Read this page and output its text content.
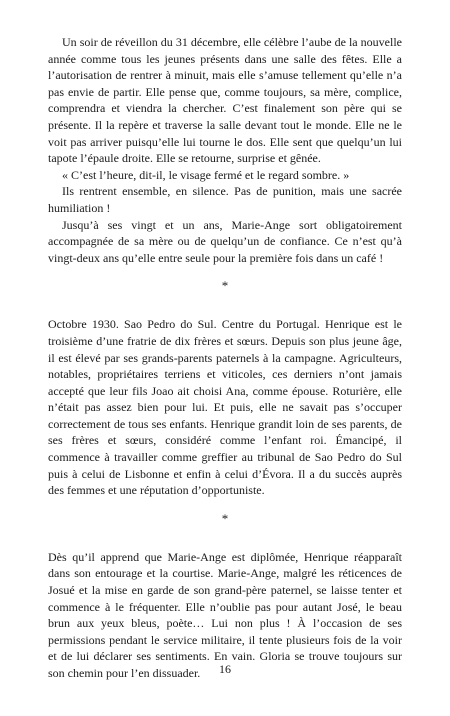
Un soir de réveillon du 31 décembre, elle célèbre l’aube de la nouvelle année comme tous les jeunes présents dans une salle des fêtes. Elle a l’autorisation de rentrer à minuit, mais elle s’amuse tellement qu’elle n’a pas envie de partir. Elle pense que, comme toujours, sa mère, complice, comprendra et viendra la chercher. C’est finalement son père qui se présente. Il la repère et traverse la salle devant tout le monde. Elle ne le voit pas arriver puisqu’elle lui tourne le dos. Elle sent que quelqu’un lui tapote l’épaule droite. Elle se retourne, surprise et gênée.

« C’est l’heure, dit-il, le visage fermé et le regard sombre. »

Ils rentrent ensemble, en silence. Pas de punition, mais une sacrée humiliation !

Jusqu’à ses vingt et un ans, Marie-Ange sort obligatoirement accompagnée de sa mère ou de quelqu’un de confiance. Ce n’est qu’à vingt-deux ans qu’elle entre seule pour la première fois dans un café !

*

Octobre 1930. Sao Pedro do Sul. Centre du Portugal. Henrique est le troisième d’une fratrie de dix frères et sœurs. Depuis son plus jeune âge, il est élevé par ses grands-parents paternels à la campagne. Agriculteurs, notables, propriétaires terriens et viticoles, ces derniers n’ont jamais accepté que leur fils Joao ait choisi Ana, comme épouse. Roturière, elle n’était pas assez bien pour lui. Et puis, elle ne savait pas s’occuper correctement de tous ses enfants. Henrique grandit loin de ses parents, de ses frères et sœurs, considéré comme l’enfant roi. Émancipé, il commence à travailler comme greffier au tribunal de Sao Pedro do Sul puis à celui de Lisbonne et enfin à celui d’Évora. Il a du succès auprès des femmes et une réputation d’opportuniste.

*

Dès qu’il apprend que Marie-Ange est diplômée, Henrique réapparaît dans son entourage et la courtise. Marie-Ange, malgré les réticences de Josué et la mise en garde de son grand-père paternel, se laisse tenter et commence à le fréquenter. Elle n’oublie pas pour autant José, le beau brun aux yeux bleus, poète… Lui non plus ! À l’occasion de ses permissions pendant le service militaire, il tente plusieurs fois de la voir et de lui déclarer ses sentiments. En vain. Gloria se trouve toujours sur son chemin pour l’en dissuader.	16
